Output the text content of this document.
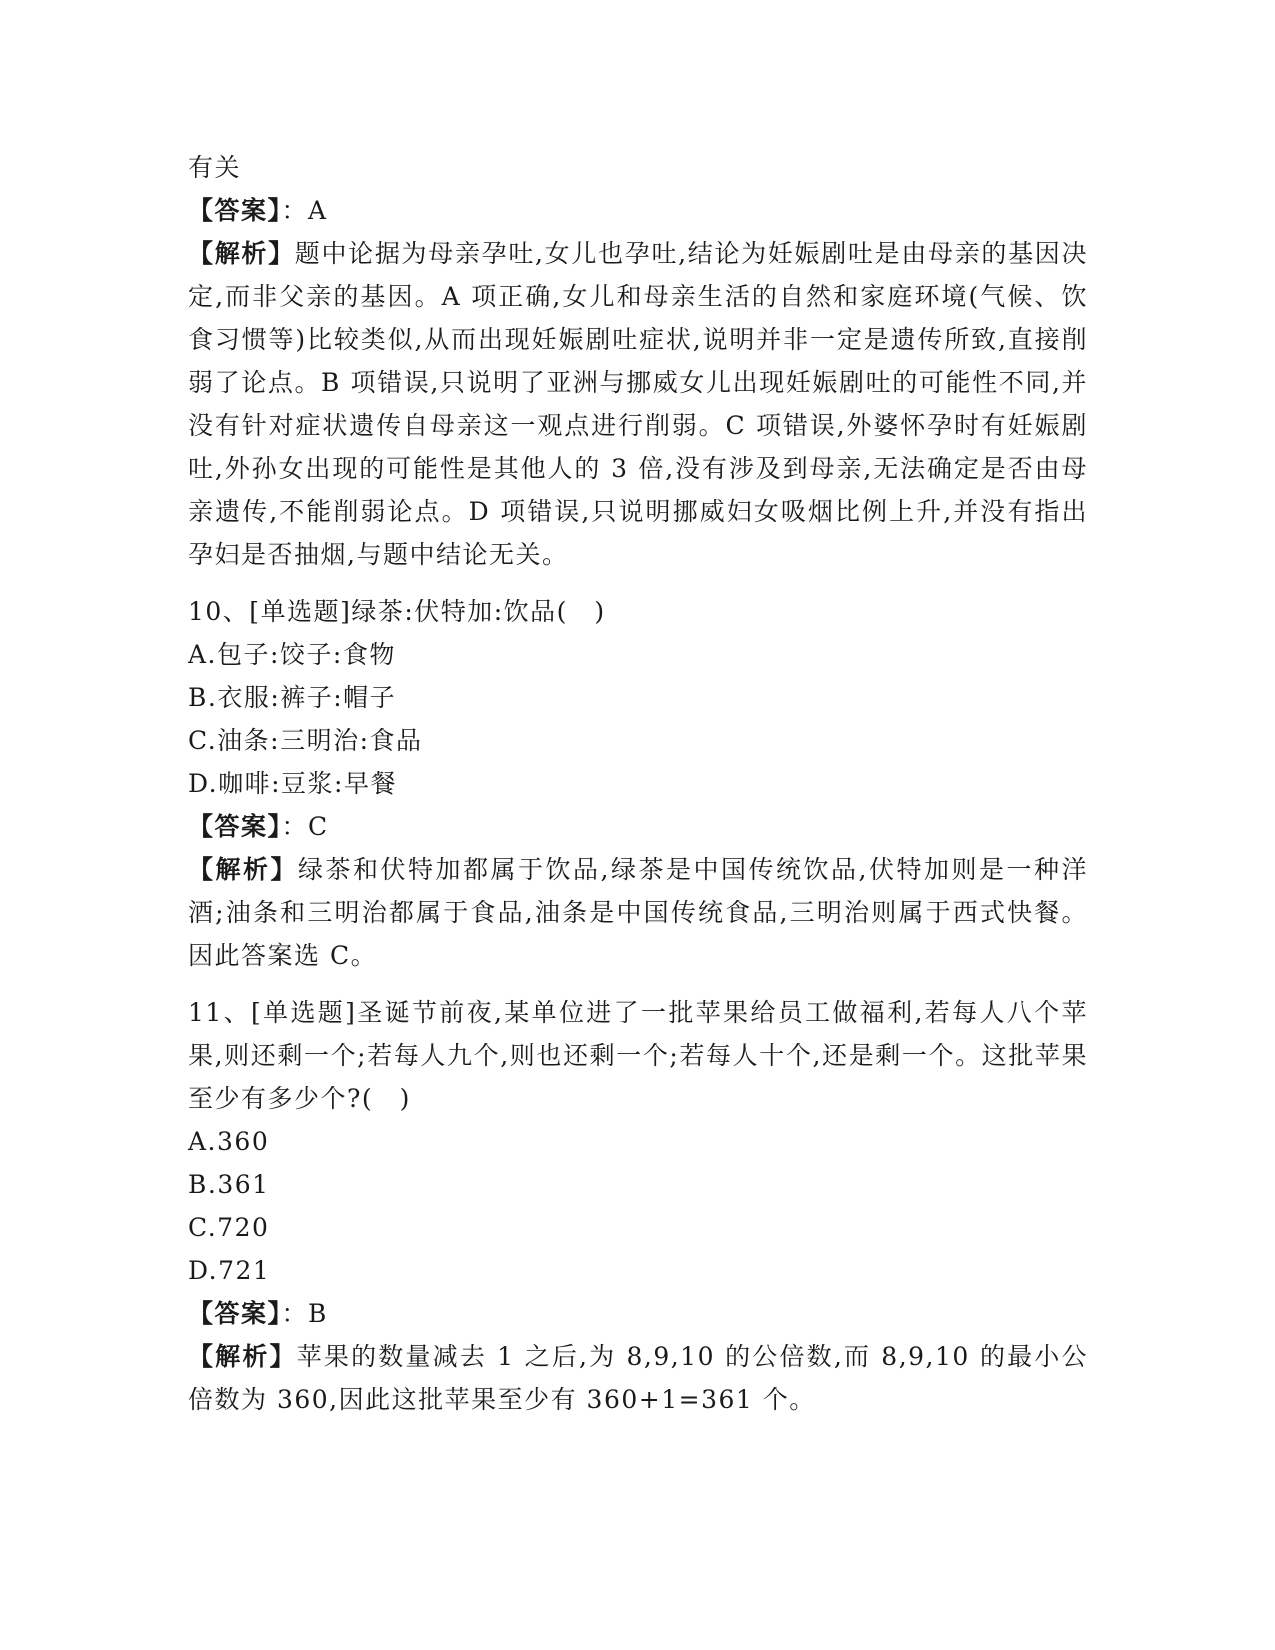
有关

【答案】：A

【解析】题中论据为母亲孕吐,女儿也孕吐,结论为妊娠剧吐是由母亲的基因决定,而非父亲的基因。A 项正确,女儿和母亲生活的自然和家庭环境(气候、饮食习惯等)比较类似,从而出现妊娠剧吐症状,说明并非一定是遗传所致,直接削弱了论点。B 项错误,只说明了亚洲与挪威女儿出现妊娠剧吐的可能性不同,并没有针对症状遗传自母亲这一观点进行削弱。C 项错误,外婆怀孕时有妊娠剧吐,外孙女出现的可能性是其他人的 3 倍,没有涉及到母亲,无法确定是否由母亲遗传,不能削弱论点。D 项错误,只说明挪威妇女吸烟比例上升,并没有指出孕妇是否抽烟,与题中结论无关。

10、[单选题]绿茶:伏特加:饮品(　)

A.包子:饺子:食物

B.衣服:裤子:帽子

C.油条:三明治:食品

D.咖啡:豆浆:早餐

【答案】：C

【解析】绿茶和伏特加都属于饮品,绿茶是中国传统饮品,伏特加则是一种洋酒;油条和三明治都属于食品,油条是中国传统食品,三明治则属于西式快餐。因此答案选 C。

11、[单选题]圣诞节前夜,某单位进了一批苹果给员工做福利,若每人八个苹果,则还剩一个;若每人九个,则也还剩一个;若每人十个,还是剩一个。这批苹果至少有多少个?(　)

A.360

B.361

C.720

D.721

【答案】：B

【解析】苹果的数量减去 1 之后,为 8,9,10 的公倍数,而 8,9,10 的最小公倍数为 360,因此这批苹果至少有 360+1=361 个。
